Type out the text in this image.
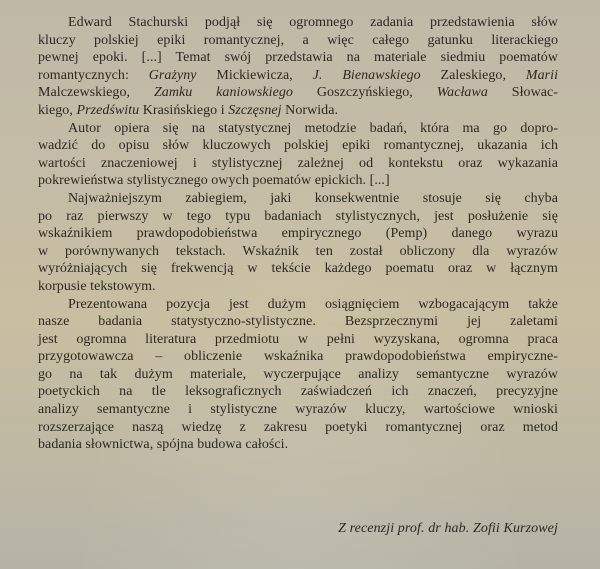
Edward Stachurski podjął się ogromnego zadania przedstawienia słów
kluczy polskiej epiki romantycznej, a więc całego gatunku literackiego
pewnej epoki. [...] Temat swój przedstawia na materiale siedmiu poematów
romantycznych: Grażyny Mickiewicza, J. Bienawskiego Zaleskiego, Marii
Malczewskiego, Zamku kaniowskiego Goszczyńskiego, Wacława Słowac-
kiego, Przedświtu Krasińskiego i Szczęsnej Norwida.

Autor opiera się na statystycznej metodzie badań, która ma go dopro-
wadzić do opisu słów kluczowych polskiej epiki romantycznej, ukazania ich
wartości znaczeniowej i stylistycznej zależnej od kontekstu oraz wykazania
pokrewieństwa stylistycznego owych poematów epickich. [...]

Najważniejszym zabiegiem, jaki konsekwentnie stosuje się chyba
po raz pierwszy w tego typu badaniach stylistycznych, jest posłużenie się
wskaźnikiem prawdopodobieństwa empirycznego (Pemp) danego wyrazu
w porównywanych tekstach. Wskaźnik ten został obliczony dla wyrazów
wyróżniających się frekwencją w tekście każdego poematu oraz w łącznym
korpusie tekstowym.

Prezentowana pozycja jest dużym osiągnięciem wzbogacającym także
nasze badania statystyczno-stylistyczne. Bezsprzecznymi jej zaletami
jest ogromna literatura przedmiotu w pełni wyzyskana, ogromna praca
przygotowawcza – obliczenie wskaźnika prawdopodobieństwa empiryczne-
go na tak dużym materiale, wyczerpujące analizy semantyczne wyrazów
poetyckich na tle leksograficznych zaświadczeń ich znaczeń, precyzyjne
analizy semantyczne i stylistyczne wyrazów kluczy, wartościowe wnioski
rozszerzające naszą wiedzę z zakresu poetyki romantycznej oraz metod
badania słownictwa, spójna budowa całości.

Z recenzji prof. dr hab. Zofii Kurzowej
